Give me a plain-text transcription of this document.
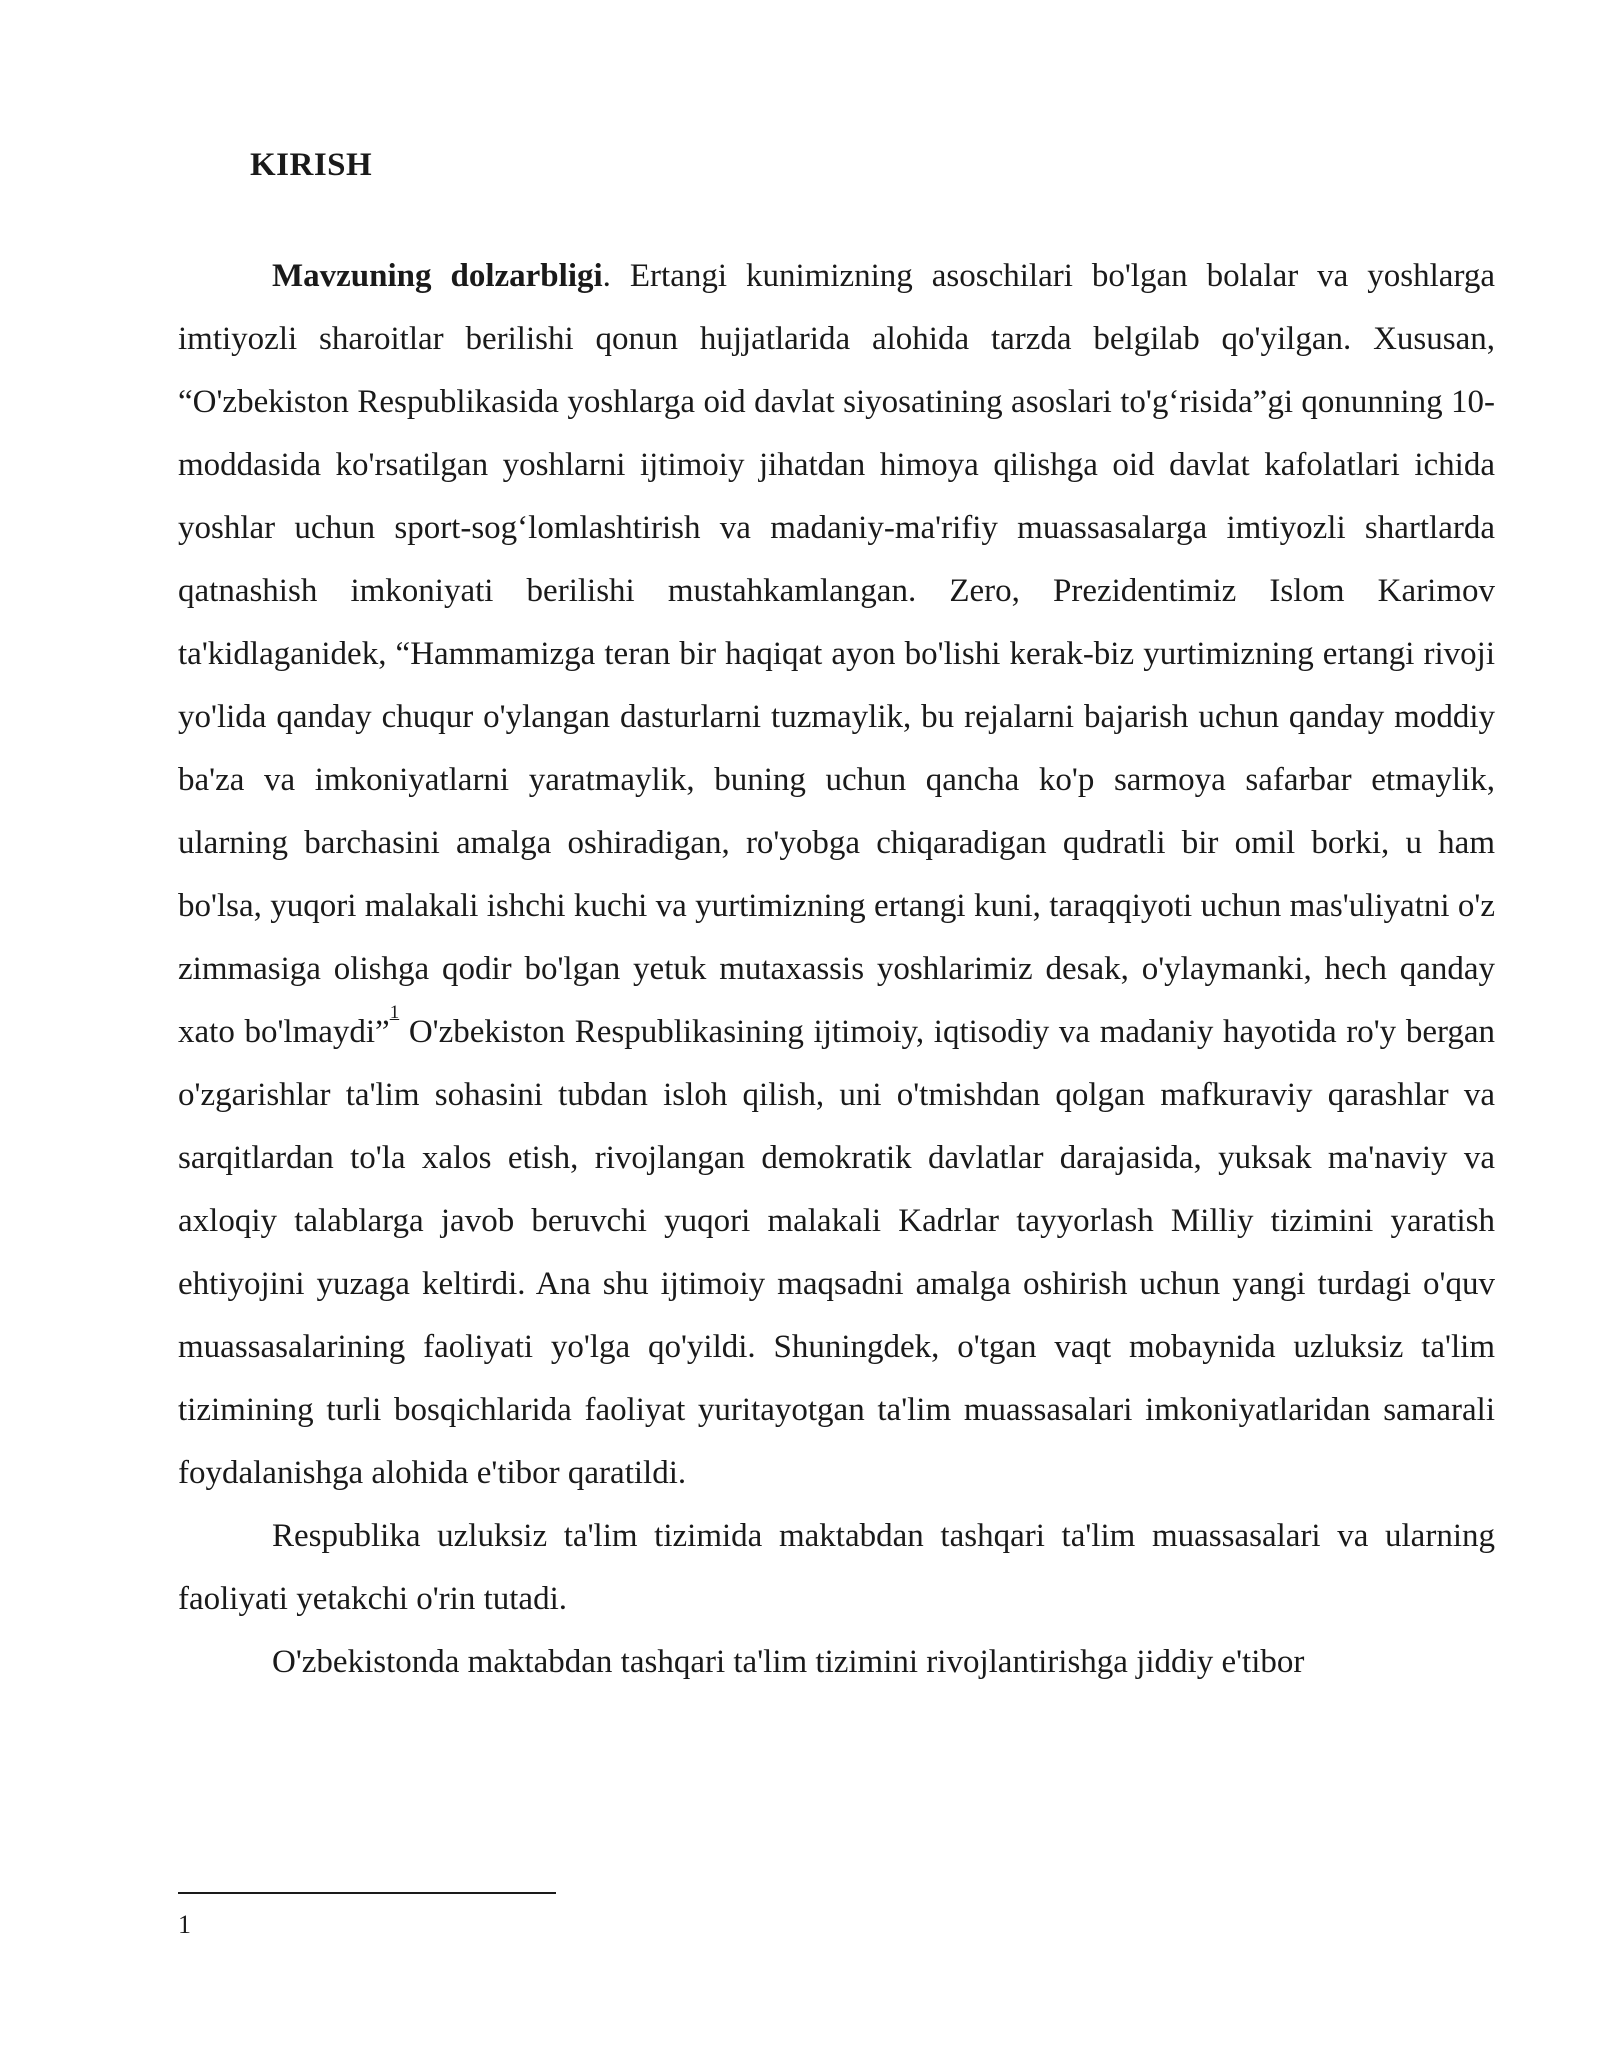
KIRISH

Mavzuning dolzarbligi. Ertangi kunimizning asoschilari bo'lgan bolalar va yoshlarga imtiyozli sharoitlar berilishi qonun hujjatlarida alohida tarzda belgilab qo'yilgan. Xususan, “O'zbekiston Respublikasida yoshlarga oid davlat siyosatining asoslari to'g‘risida”gi qonunning 10-moddasida ko'rsatilgan yoshlarni ijtimoiy jihatdan himoya qilishga oid davlat kafolatlari ichida yoshlar uchun sport-sog‘lomlashtirish va madaniy-ma'rifiy muassasalarga imtiyozli shartlarda qatnashish imkoniyati berilishi mustahkamlangan. Zero, Prezidentimiz Islom Karimov ta'kidlaganidek, “Hammamizga teran bir haqiqat ayon bo'lishi kerak-biz yurtimizning ertangi rivoji yo'lida qanday chuqur o'ylangan dasturlarni tuzmaylik, bu rejalarni bajarish uchun qanday moddiy ba'za va imkoniyatlarni yaratmaylik, buning uchun qancha ko'p sarmoya safarbar etmaylik, ularning barchasini amalga oshiradigan, ro'yobga chiqaradigan qudratli bir omil borki, u ham bo'lsa, yuqori malakali ishchi kuchi va yurtimizning ertangi kuni, taraqqiyoti uchun mas'uliyatni o'z zimmasiga olishga qodir bo'lgan yetuk mutaxassis yoshlarimiz desak, o'ylaymanki, hech qanday xato bo'lmaydi”$^1$ O'zbekiston Respublikasining ijtimoiy, iqtisodiy va madaniy hayotida ro'y bergan o'zgarishlar ta'lim sohasini tubdan isloh qilish, uni o'tmishdan qolgan mafkuraviy qarashlar va sarqitlardan to'la xalos etish, rivojlangan demokratik davlatlar darajasida, yuksak ma'naviy va axloqiy talablarga javob beruvchi yuqori malakali Kadrlar tayyorlash Milliy tizimini yaratish ehtiyojini yuzaga keltirdi. Ana shu ijtimoiy maqsadni amalga oshirish uchun yangi turdagi o'quv muassasalarining faoliyati yo'lga qo'yildi. Shuningdek, o'tgan vaqt mobaynida uzluksiz ta'lim tizimining turli bosqichlarida faoliyat yuritayotgan ta'lim muassasalari imkoniyatlaridan samarali foydalanishga alohida e'tibor qaratildi.

Respublika uzluksiz ta'lim tizimida maktabdan tashqari ta'lim muassasalari va ularning faoliyati yetakchi o'rin tutadi.

O'zbekistonda maktabdan tashqari ta'lim tizimini rivojlantirishga jiddiy e'tibor

1
